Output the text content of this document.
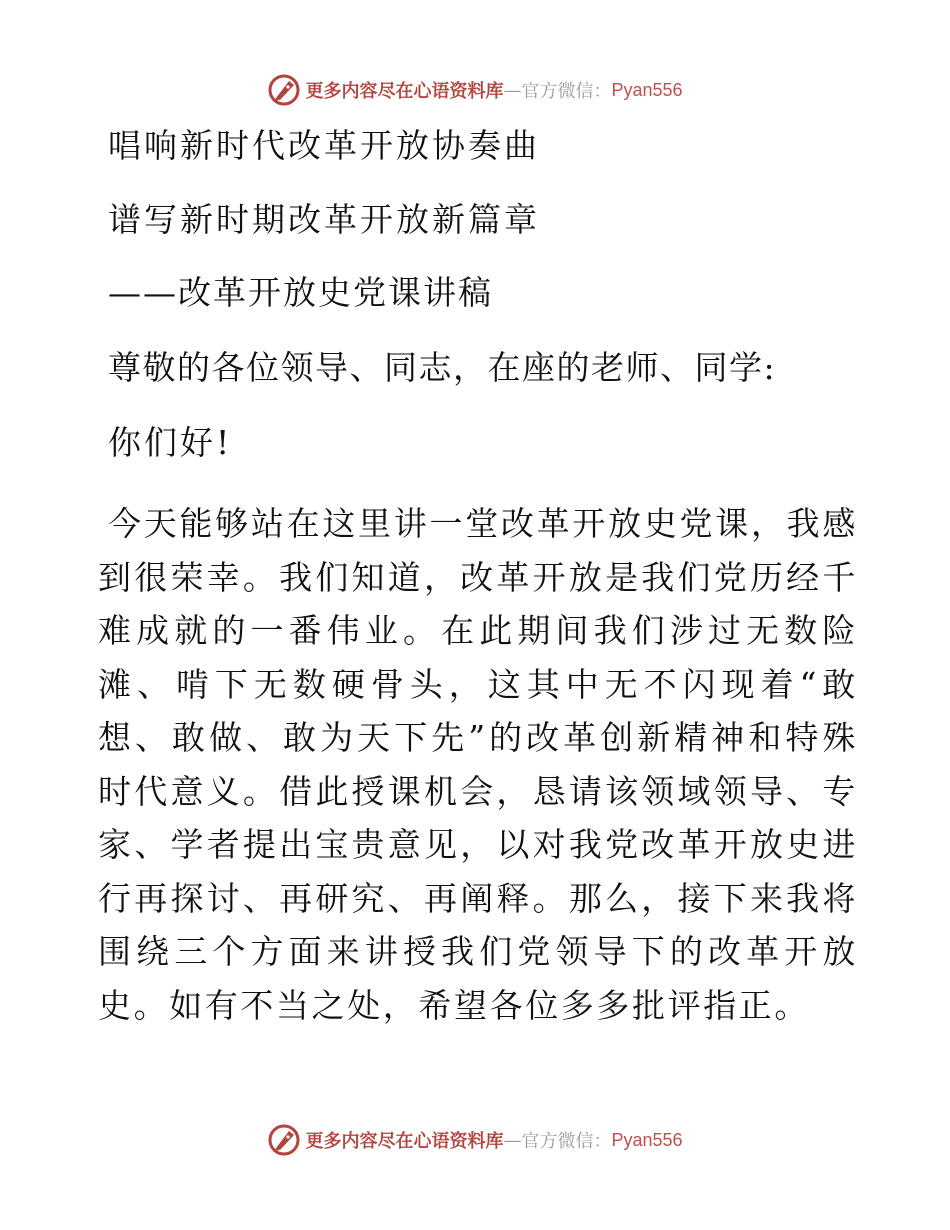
更多内容尽在心语资料库 — 官方微信： Pyan556
唱响新时代改革开放协奏曲
谱写新时期改革开放新篇章
——改革开放史党课讲稿
尊敬的各位领导、同志，在座的老师、同学:
你们好!

今天能够站在这里讲一堂改革开放史党课，我感到很荣幸。我们知道，改革开放是我们党历经千难成就的一番伟业。在此期间我们涉过无数险滩、啃下无数硬骨头，这其中无不闪现着“敢想、敢做、敢为天下先”的改革创新精神和特殊时代意义。借此授课机会，恳请该领域领导、专家、学者提出宝贵意见，以对我党改革开放史进行再探讨、再研究、再阐释。那么，接下来我将围绕三个方面来讲授我们党领导下的改革开放史。如有不当之处，希望各位多多批评指正。

更多内容尽在心语资料库 — 官方微信： Pyan556
